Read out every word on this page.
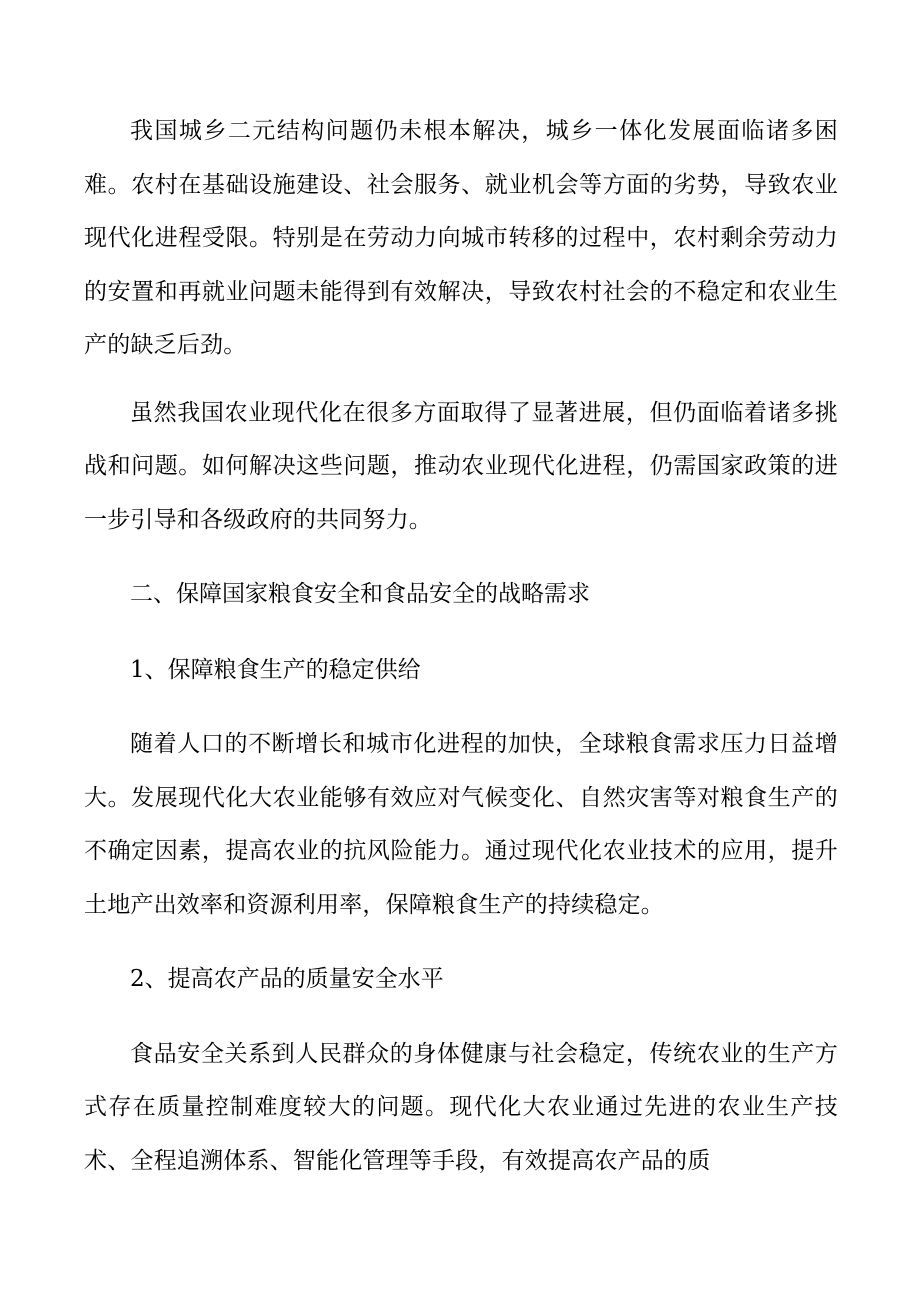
我国城乡二元结构问题仍未根本解决，城乡一体化发展面临诸多困难。农村在基础设施建设、社会服务、就业机会等方面的劣势，导致农业现代化进程受限。特别是在劳动力向城市转移的过程中，农村剩余劳动力的安置和再就业问题未能得到有效解决，导致农村社会的不稳定和农业生产的缺乏后劲。

虽然我国农业现代化在很多方面取得了显著进展，但仍面临着诸多挑战和问题。如何解决这些问题，推动农业现代化进程，仍需国家政策的进一步引导和各级政府的共同努力。

二、保障国家粮食安全和食品安全的战略需求

1、保障粮食生产的稳定供给

随着人口的不断增长和城市化进程的加快，全球粮食需求压力日益增大。发展现代化大农业能够有效应对气候变化、自然灾害等对粮食生产的不确定因素，提高农业的抗风险能力。通过现代化农业技术的应用，提升土地产出效率和资源利用率，保障粮食生产的持续稳定。

2、提高农产品的质量安全水平

食品安全关系到人民群众的身体健康与社会稳定，传统农业的生产方式存在质量控制难度较大的问题。现代化大农业通过先进的农业生产技术、全程追溯体系、智能化管理等手段，有效提高农产品的质
